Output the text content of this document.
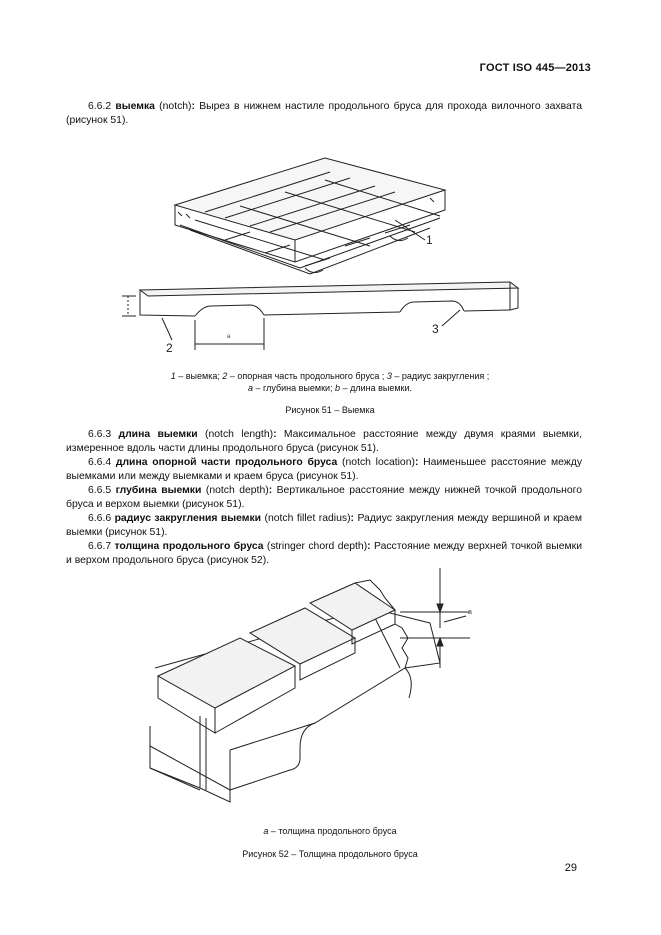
ГОСТ ISO 445—2013

6.6.2 выемка (notch): Вырез в нижнем настиле продольного бруса для прохода вилочного захвата (рисунок 51).

1
2
3
a
1 – выемка; 2 – опорная часть продольного бруса ; 3 – радиус закругления ;
a – глубина выемки; b – длина выемки.
Рисунок 51 – Выемка

6.6.3 длина выемки (notch length): Максимальное расстояние между двумя краями выемки, измеренное вдоль части длины продольного бруса (рисунок 51).

6.6.4 длина опорной части продольного бруса (notch location): Наименьшее расстояние между выемками или между выемками и краем бруса (рисунок 51).

6.6.5 глубина выемки (notch depth): Вертикальное расстояние между нижней точкой продольного бруса и верхом выемки (рисунок 51).

6.6.6 радиус закругления выемки (notch fillet radius): Радиус закругления между вершиной и краем выемки (рисунок 51).

6.6.7 толщина продольного бруса (stringer chord depth): Расстояние между верхней точкой выемки и верхом продольного бруса (рисунок 52).

a
a – толщина продольного бруса
Рисунок 52 – Толщина продольного бруса
29
